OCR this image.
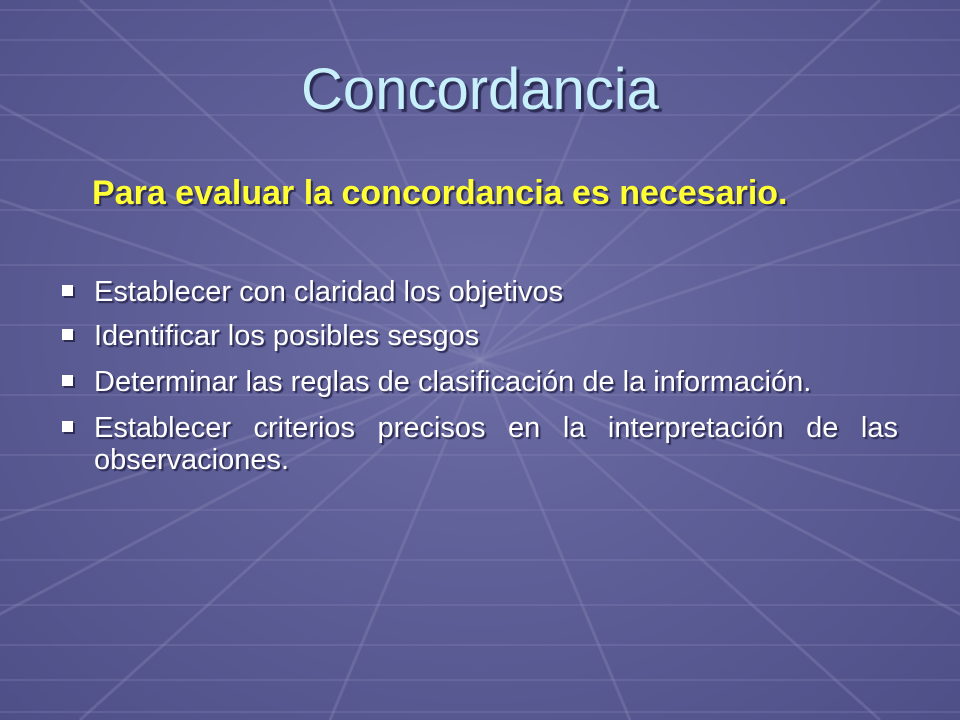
Concordancia

Para evaluar la concordancia es necesario.

Establecer con claridad los objetivos
Identificar los posibles sesgos
Determinar las reglas de clasificación de la información.
Establecer criterios precisos en la interpretación de las observaciones.
